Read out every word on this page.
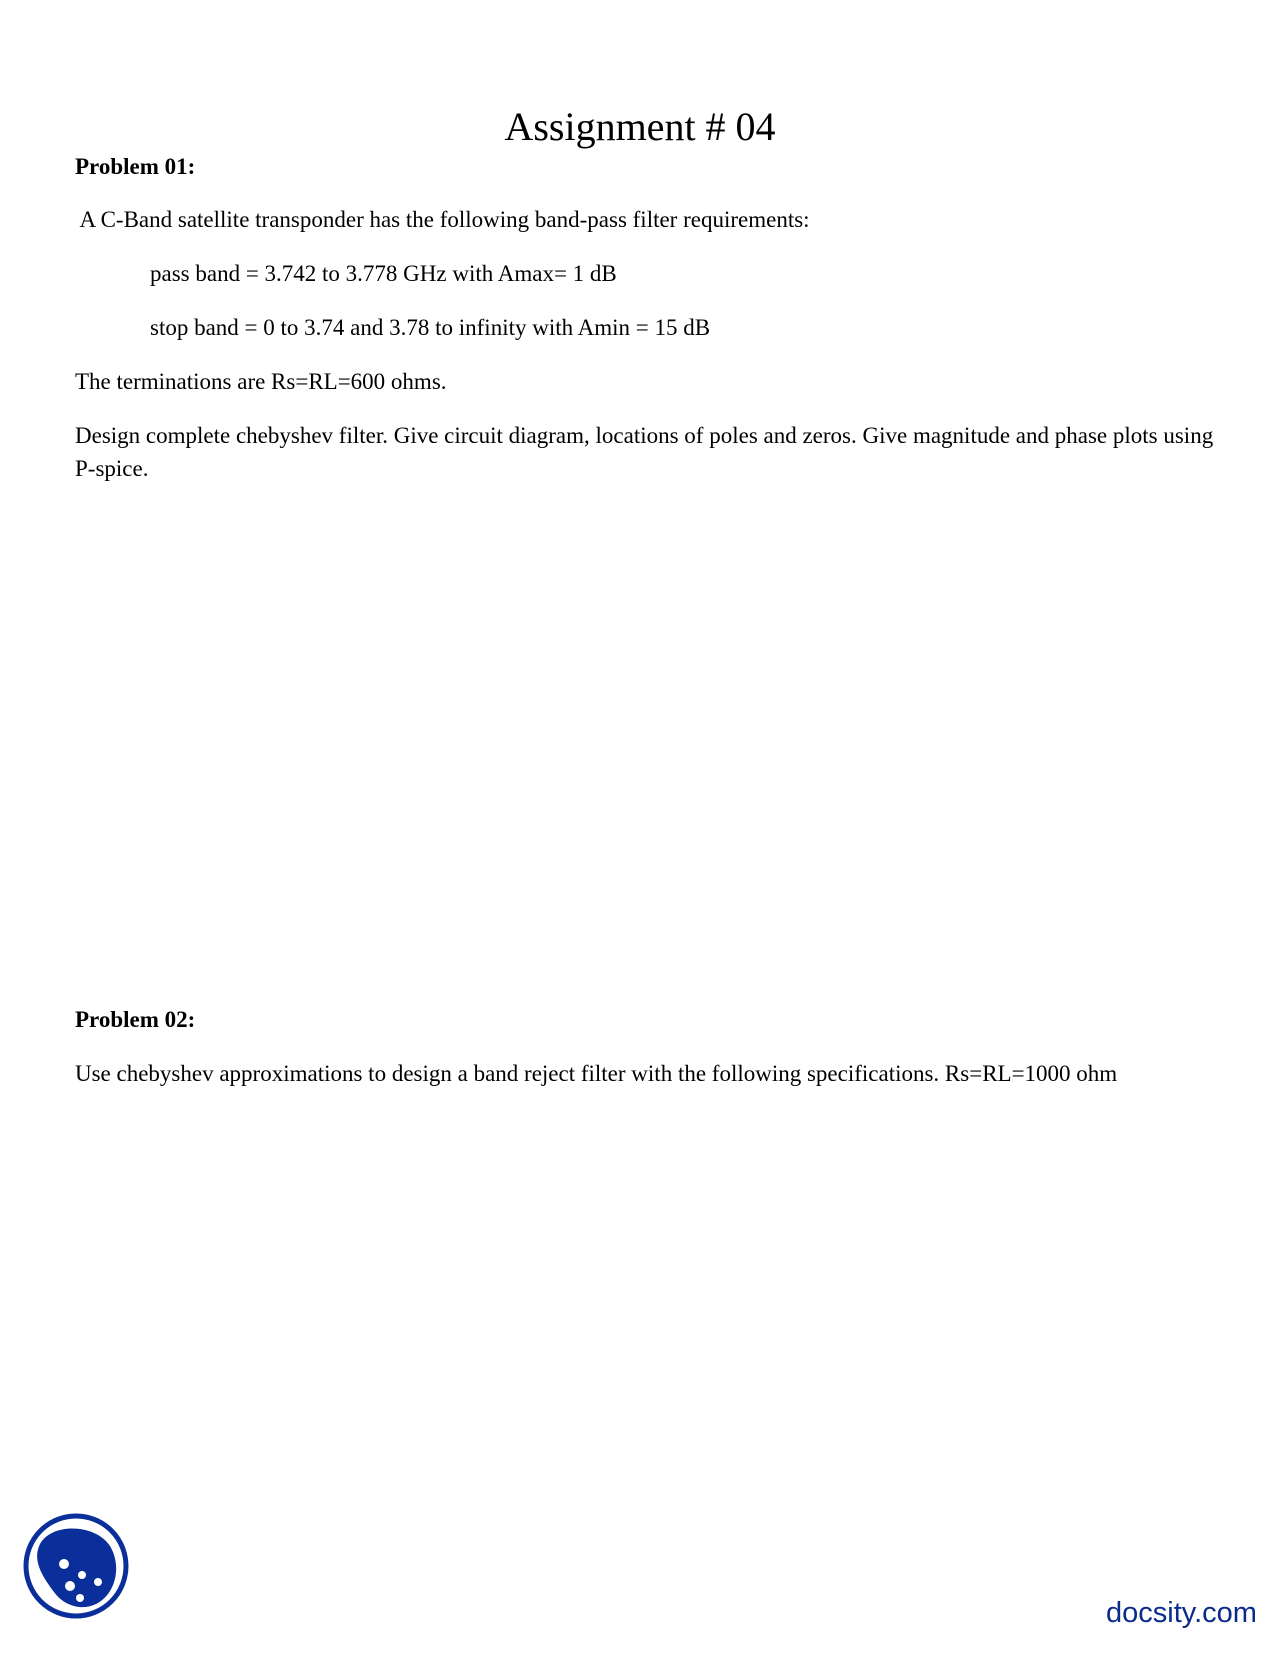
Assignment # 04

Problem 01:

A C-Band satellite transponder has the following band-pass filter requirements:

pass band = 3.742 to 3.778 GHz with Amax= 1 dB

stop band = 0 to 3.74 and 3.78 to infinity with Amin = 15 dB

The terminations are Rs=RL=600 ohms.

Design complete chebyshev filter. Give circuit diagram, locations of poles and zeros. Give magnitude and phase plots using P-spice.

Problem 02:

Use chebyshev approximations to design a band reject filter with the following specifications. Rs=RL=1000 ohm

docsity.com
